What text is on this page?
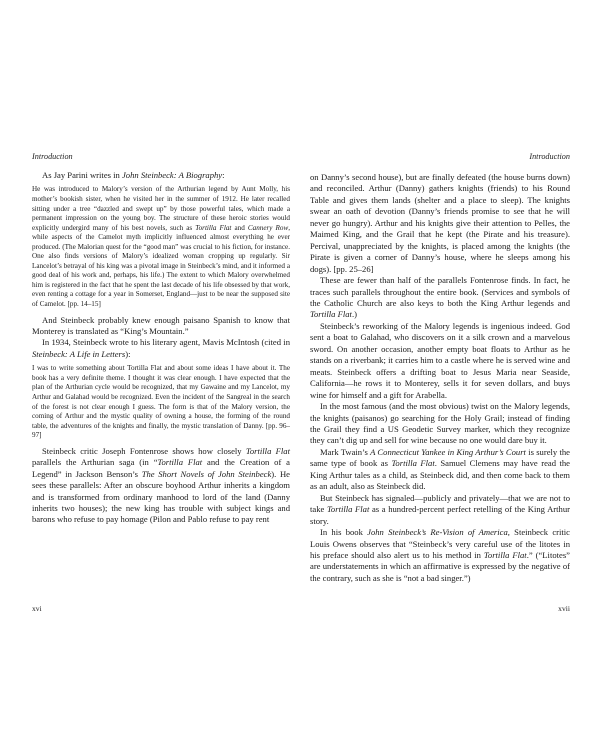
Introduction

As Jay Parini writes in John Steinbeck: A Biography:

He was introduced to Malory’s version of the Arthurian legend by Aunt Molly, his mother’s bookish sister, when he visited her in the summer of 1912. He later recalled sitting under a tree “dazzled and swept up” by those powerful tales, which made a permanent impression on the young boy. The structure of these heroic stories would explicitly undergird many of his best novels, such as Tortilla Flat and Cannery Row, while aspects of the Camelot myth implicitly influenced almost everything he ever produced. (The Malorian quest for the “good man” was crucial to his fiction, for instance. One also finds versions of Malory’s idealized woman cropping up regularly. Sir Lancelot’s betrayal of his king was a pivotal image in Steinbeck’s mind, and it informed a good deal of his work and, perhaps, his life.) The extent to which Malory overwhelmed him is registered in the fact that he spent the last decade of his life obsessed by that work, even renting a cottage for a year in Somerset, England—just to be near the supposed site of Camelot. [pp. 14–15]

And Steinbeck probably knew enough paisano Spanish to know that Monterey is translated as “King’s Mountain.”

In 1934, Steinbeck wrote to his literary agent, Mavis McIntosh (cited in Steinbeck: A Life in Letters):

I was to write something about Tortilla Flat and about some ideas I have about it. The book has a very definite theme. I thought it was clear enough. I have expected that the plan of the Arthurian cycle would be recognized, that my Gawaine and my Lancelot, my Arthur and Galahad would be recognized. Even the incident of the Sangreal in the search of the forest is not clear enough I guess. The form is that of the Malory version, the coming of Arthur and the mystic quality of owning a house, the forming of the round table, the adventures of the knights and finally, the mystic translation of Danny. [pp. 96–97]

Steinbeck critic Joseph Fontenrose shows how closely Tortilla Flat parallels the Arthurian saga (in “Tortilla Flat and the Creation of a Legend” in Jackson Benson’s The Short Novels of John Steinbeck). He sees these parallels: After an obscure boyhood Arthur inherits a kingdom and is transformed from ordinary manhood to lord of the land (Danny inherits two houses); the new king has trouble with subject kings and barons who refuse to pay homage (Pilon and Pablo refuse to pay rent

xvi
Introduction

on Danny’s second house), but are finally defeated (the house burns down) and reconciled. Arthur (Danny) gathers knights (friends) to his Round Table and gives them lands (shelter and a place to sleep). The knights swear an oath of devotion (Danny’s friends promise to see that he will never go hungry). Arthur and his knights give their attention to Pelles, the Maimed King, and the Grail that he kept (the Pirate and his treasure). Percival, unappreciated by the knights, is placed among the knights (the Pirate is given a corner of Danny’s house, where he sleeps among his dogs). [pp. 25–26]

These are fewer than half of the parallels Fontenrose finds. In fact, he traces such parallels throughout the entire book. (Services and symbols of the Catholic Church are also keys to both the King Arthur legends and Tortilla Flat.)

Steinbeck’s reworking of the Malory legends is ingenious indeed. God sent a boat to Galahad, who discovers on it a silk crown and a marvelous sword. On another occasion, another empty boat floats to Arthur as he stands on a riverbank; it carries him to a castle where he is served wine and meats. Steinbeck offers a drifting boat to Jesus Maria near Seaside, California—he rows it to Monterey, sells it for seven dollars, and buys wine for himself and a gift for Arabella.

In the most famous (and the most obvious) twist on the Malory legends, the knights (paisanos) go searching for the Holy Grail; instead of finding the Grail they find a US Geodetic Survey marker, which they recognize they can’t dig up and sell for wine because no one would dare buy it.

Mark Twain’s A Connecticut Yankee in King Arthur’s Court is surely the same type of book as Tortilla Flat. Samuel Clemens may have read the King Arthur tales as a child, as Steinbeck did, and then come back to them as an adult, also as Steinbeck did.

But Steinbeck has signaled—publicly and privately—that we are not to take Tortilla Flat as a hundred-percent perfect retelling of the King Arthur story.

In his book John Steinbeck’s Re-Vision of America, Steinbeck critic Louis Owens observes that “Steinbeck’s very careful use of the litotes in his preface should also alert us to his method in Tortilla Flat.” (“Litotes” are understatements in which an affirmative is expressed by the negative of the contrary, such as she is “not a bad singer.”)

xvii
